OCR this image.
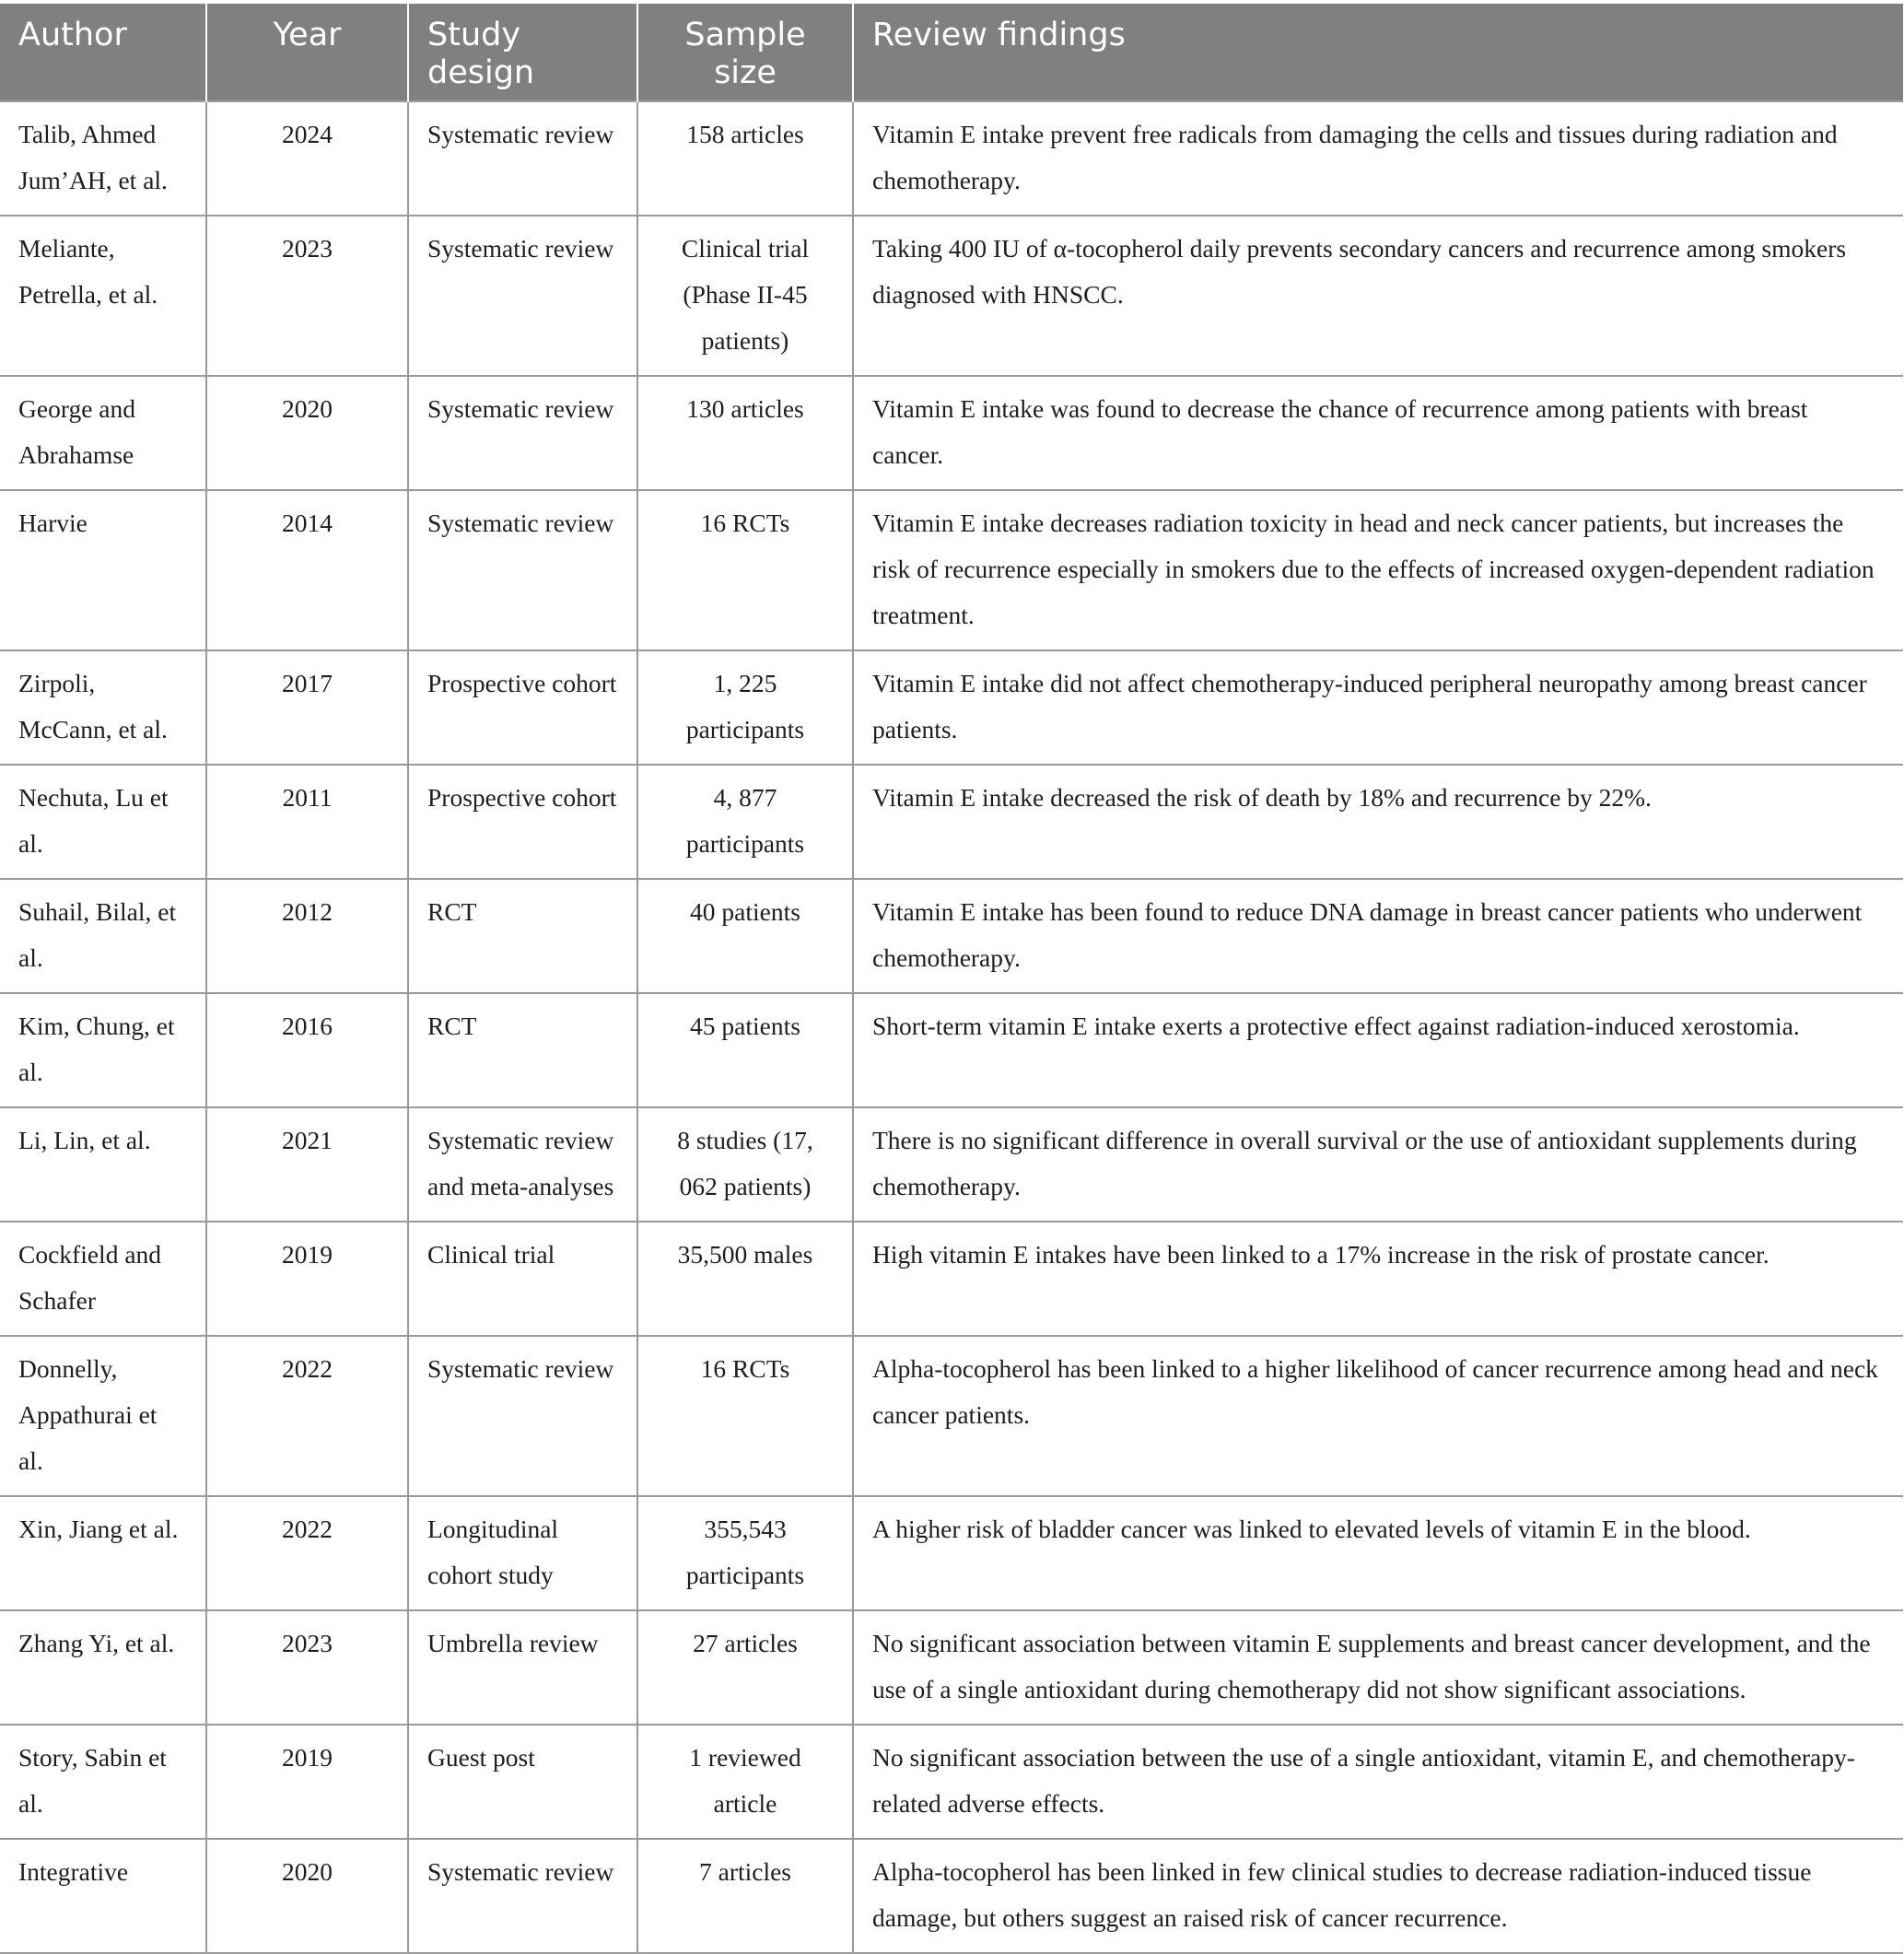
Author	Year	Study design	Sample size	Review findings
Talib, Ahmed Jum’AH, et al.	2024	Systematic review	158 articles	Vitamin E intake prevent free radicals from damaging the cells and tissues during radiation and chemotherapy.
Meliante, Petrella, et al.	2023	Systematic review	Clinical trial (Phase II-45 patients)	Taking 400 IU of α-tocopherol daily prevents secondary cancers and recurrence among smokers diagnosed with HNSCC.
George and Abrahamse	2020	Systematic review	130 articles	Vitamin E intake was found to decrease the chance of recurrence among patients with breast cancer.
Harvie	2014	Systematic review	16 RCTs	Vitamin E intake decreases radiation toxicity in head and neck cancer patients, but increases the risk of recurrence especially in smokers due to the effects of increased oxygen-dependent radiation treatment.
Zirpoli, McCann, et al.	2017	Prospective cohort	1, 225 participants	Vitamin E intake did not affect chemotherapy-induced peripheral neuropathy among breast cancer patients.
Nechuta, Lu et al.	2011	Prospective cohort	4, 877 participants	Vitamin E intake decreased the risk of death by 18% and recurrence by 22%.
Suhail, Bilal, et al.	2012	RCT	40 patients	Vitamin E intake has been found to reduce DNA damage in breast cancer patients who underwent chemotherapy.
Kim, Chung, et al.	2016	RCT	45 patients	Short-term vitamin E intake exerts a protective effect against radiation-induced xerostomia.
Li, Lin, et al.	2021	Systematic review and meta-analyses	8 studies (17, 062 patients)	There is no significant difference in overall survival or the use of antioxidant supplements during chemotherapy.
Cockfield and Schafer	2019	Clinical trial	35,500 males	High vitamin E intakes have been linked to a 17% increase in the risk of prostate cancer.
Donnelly, Appathurai et al.	2022	Systematic review	16 RCTs	Alpha-tocopherol has been linked to a higher likelihood of cancer recurrence among head and neck cancer patients.
Xin, Jiang et al.	2022	Longitudinal cohort study	355,543 participants	A higher risk of bladder cancer was linked to elevated levels of vitamin E in the blood.
Zhang Yi, et al.	2023	Umbrella review	27 articles	No significant association between vitamin E supplements and breast cancer development, and the use of a single antioxidant during chemotherapy did not show significant associations.
Story, Sabin et al.	2019	Guest post	1 reviewed article	No significant association between the use of a single antioxidant, vitamin E, and chemotherapy-related adverse effects.
Integrative	2020	Systematic review	7 articles	Alpha-tocopherol has been linked in few clinical studies to decrease radiation-induced tissue damage, but others suggest an raised risk of cancer recurrence.
